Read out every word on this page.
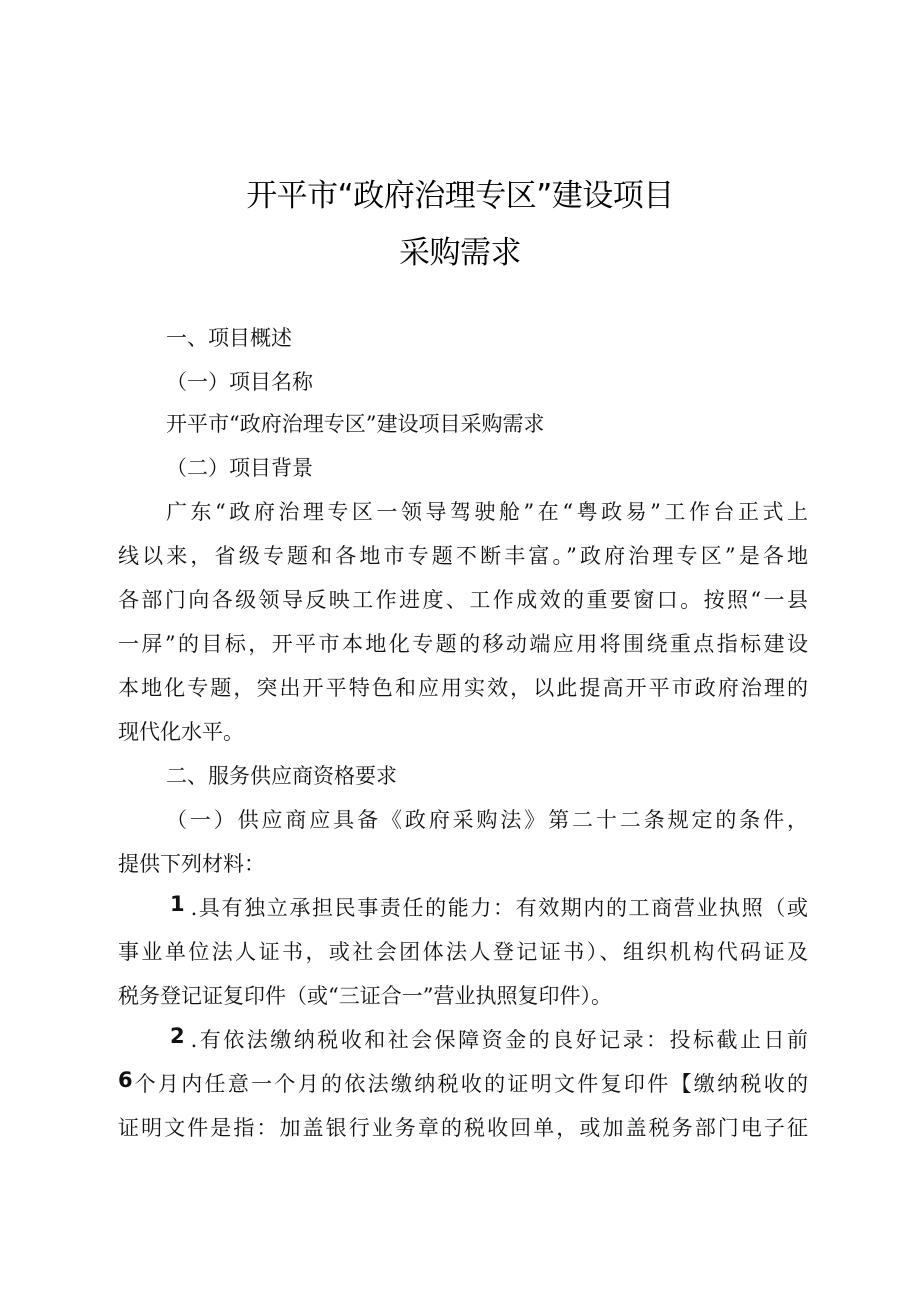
开平市“政府治理专区”建设项目
采购需求
一、项目概述
（一）项目名称
开平市“政府治理专区”建设项目采购需求
（二）项目背景
广东“政府治理专区一领导驾驶舱”在“粤政易”工作台正式上
线以来，省级专题和各地市专题不断丰富。”政府治理专区”是各地
各部门向各级领导反映工作进度、工作成效的重要窗口。按照“一县
一屏”的目标，开平市本地化专题的移动端应用将围绕重点指标建设
本地化专题，突出开平特色和应用实效，以此提高开平市政府治理的
现代化水平。
二、服务供应商资格要求
（一）供应商应具备《政府采购法》第二十二条规定的条件，
提供下列材料：
1 .具有独立承担民事责任的能力：有效期内的工商营业执照（或
事业单位法人证书，或社会团体法人登记证书）、组织机构代码证及
税务登记证复印件（或“三证合一”营业执照复印件）。
2 .有依法缴纳税收和社会保障资金的良好记录：投标截止日前
6 个月内任意一个月的依法缴纳税收的证明文件复印件【缴纳税收的
证明文件是指：加盖银行业务章的税收回单，或加盖税务部门电子征
